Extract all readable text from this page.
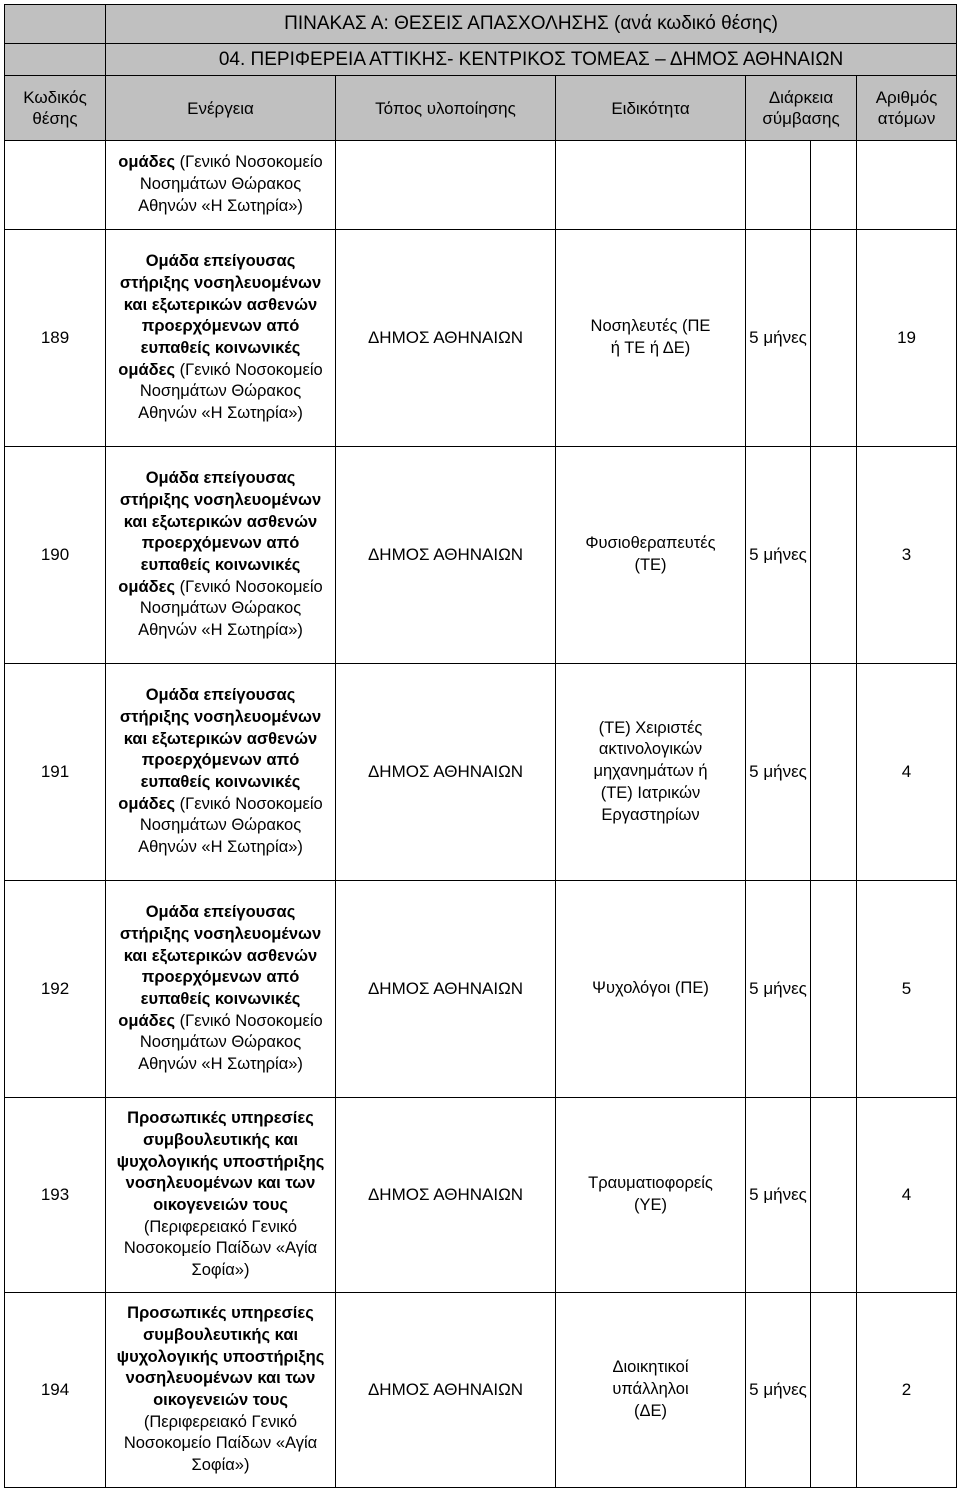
	ΠΙΝΑΚΑΣ Α: ΘΕΣΕΙΣ ΑΠΑΣΧΟΛΗΣΗΣ (ανά κωδικό θέσης)					
	04. ΠΕΡΙΦΕΡΕΙΑ ΑΤΤΙΚΗΣ- ΚΕΝΤΡΙΚΟΣ ΤΟΜΕΑΣ – ΔΗΜΟΣ ΑΘΗΝΑΙΩΝ					
Κωδικός θέσης	Ενέργεια	Τόπος υλοποίησης	Ειδικότητα	Διάρκεια σύμβασης		Αριθμός ατόμων

	ομάδες (Γενικό Νοσοκομείο Νοσημάτων Θώρακος Αθηνών «Η Σωτηρία»)					

189	Ομάδα επείγουσας στήριξης νοσηλευομένων και εξωτερικών ασθενών προερχόμενων από ευπαθείς κοινωνικές ομάδες (Γενικό Νοσοκομείο Νοσημάτων Θώρακος Αθηνών «Η Σωτηρία»)	ΔΗΜΟΣ ΑΘΗΝΑΙΩΝ	Νοσηλευτές (ΠΕ ή ΤΕ ή ΔΕ)	5 μήνες		19
190	Ομάδα επείγουσας στήριξης νοσηλευομένων και εξωτερικών ασθενών προερχόμενων από ευπαθείς κοινωνικές ομάδες (Γενικό Νοσοκομείο Νοσημάτων Θώρακος Αθηνών «Η Σωτηρία»)	ΔΗΜΟΣ ΑΘΗΝΑΙΩΝ	Φυσιοθεραπευτές (ΤΕ)	5 μήνες		3
191	Ομάδα επείγουσας στήριξης νοσηλευομένων και εξωτερικών ασθενών προερχόμενων από ευπαθείς κοινωνικές ομάδες (Γενικό Νοσοκομείο Νοσημάτων Θώρακος Αθηνών «Η Σωτηρία»)	ΔΗΜΟΣ ΑΘΗΝΑΙΩΝ	(ΤΕ) Χειριστές ακτινολογικών μηχανημάτων ή (ΤΕ) Ιατρικών Εργαστηρίων	5 μήνες		4
192	Ομάδα επείγουσας στήριξης νοσηλευομένων και εξωτερικών ασθενών προερχόμενων από ευπαθείς κοινωνικές ομάδες (Γενικό Νοσοκομείο Νοσημάτων Θώρακος Αθηνών «Η Σωτηρία»)	ΔΗΜΟΣ ΑΘΗΝΑΙΩΝ	Ψυχολόγοι (ΠΕ)	5 μήνες		5
193	Προσωπικές υπηρεσίες συμβουλευτικής και ψυχολογικής υποστήριξης νοσηλευομένων και των οικογενειών τους (Περιφερειακό Γενικό Νοσοκομείο Παίδων «Αγία Σοφία»)	ΔΗΜΟΣ ΑΘΗΝΑΙΩΝ	Τραυματιοφορείς (ΥΕ)	5 μήνες		4
194	Προσωπικές υπηρεσίες συμβουλευτικής και ψυχολογικής υποστήριξης νοσηλευομένων και των οικογενειών τους (Περιφερειακό Γενικό Νοσοκομείο Παίδων «Αγία Σοφία»)	ΔΗΜΟΣ ΑΘΗΝΑΙΩΝ	Διοικητικοί υπάλληλοι (ΔΕ)	5 μήνες		2
